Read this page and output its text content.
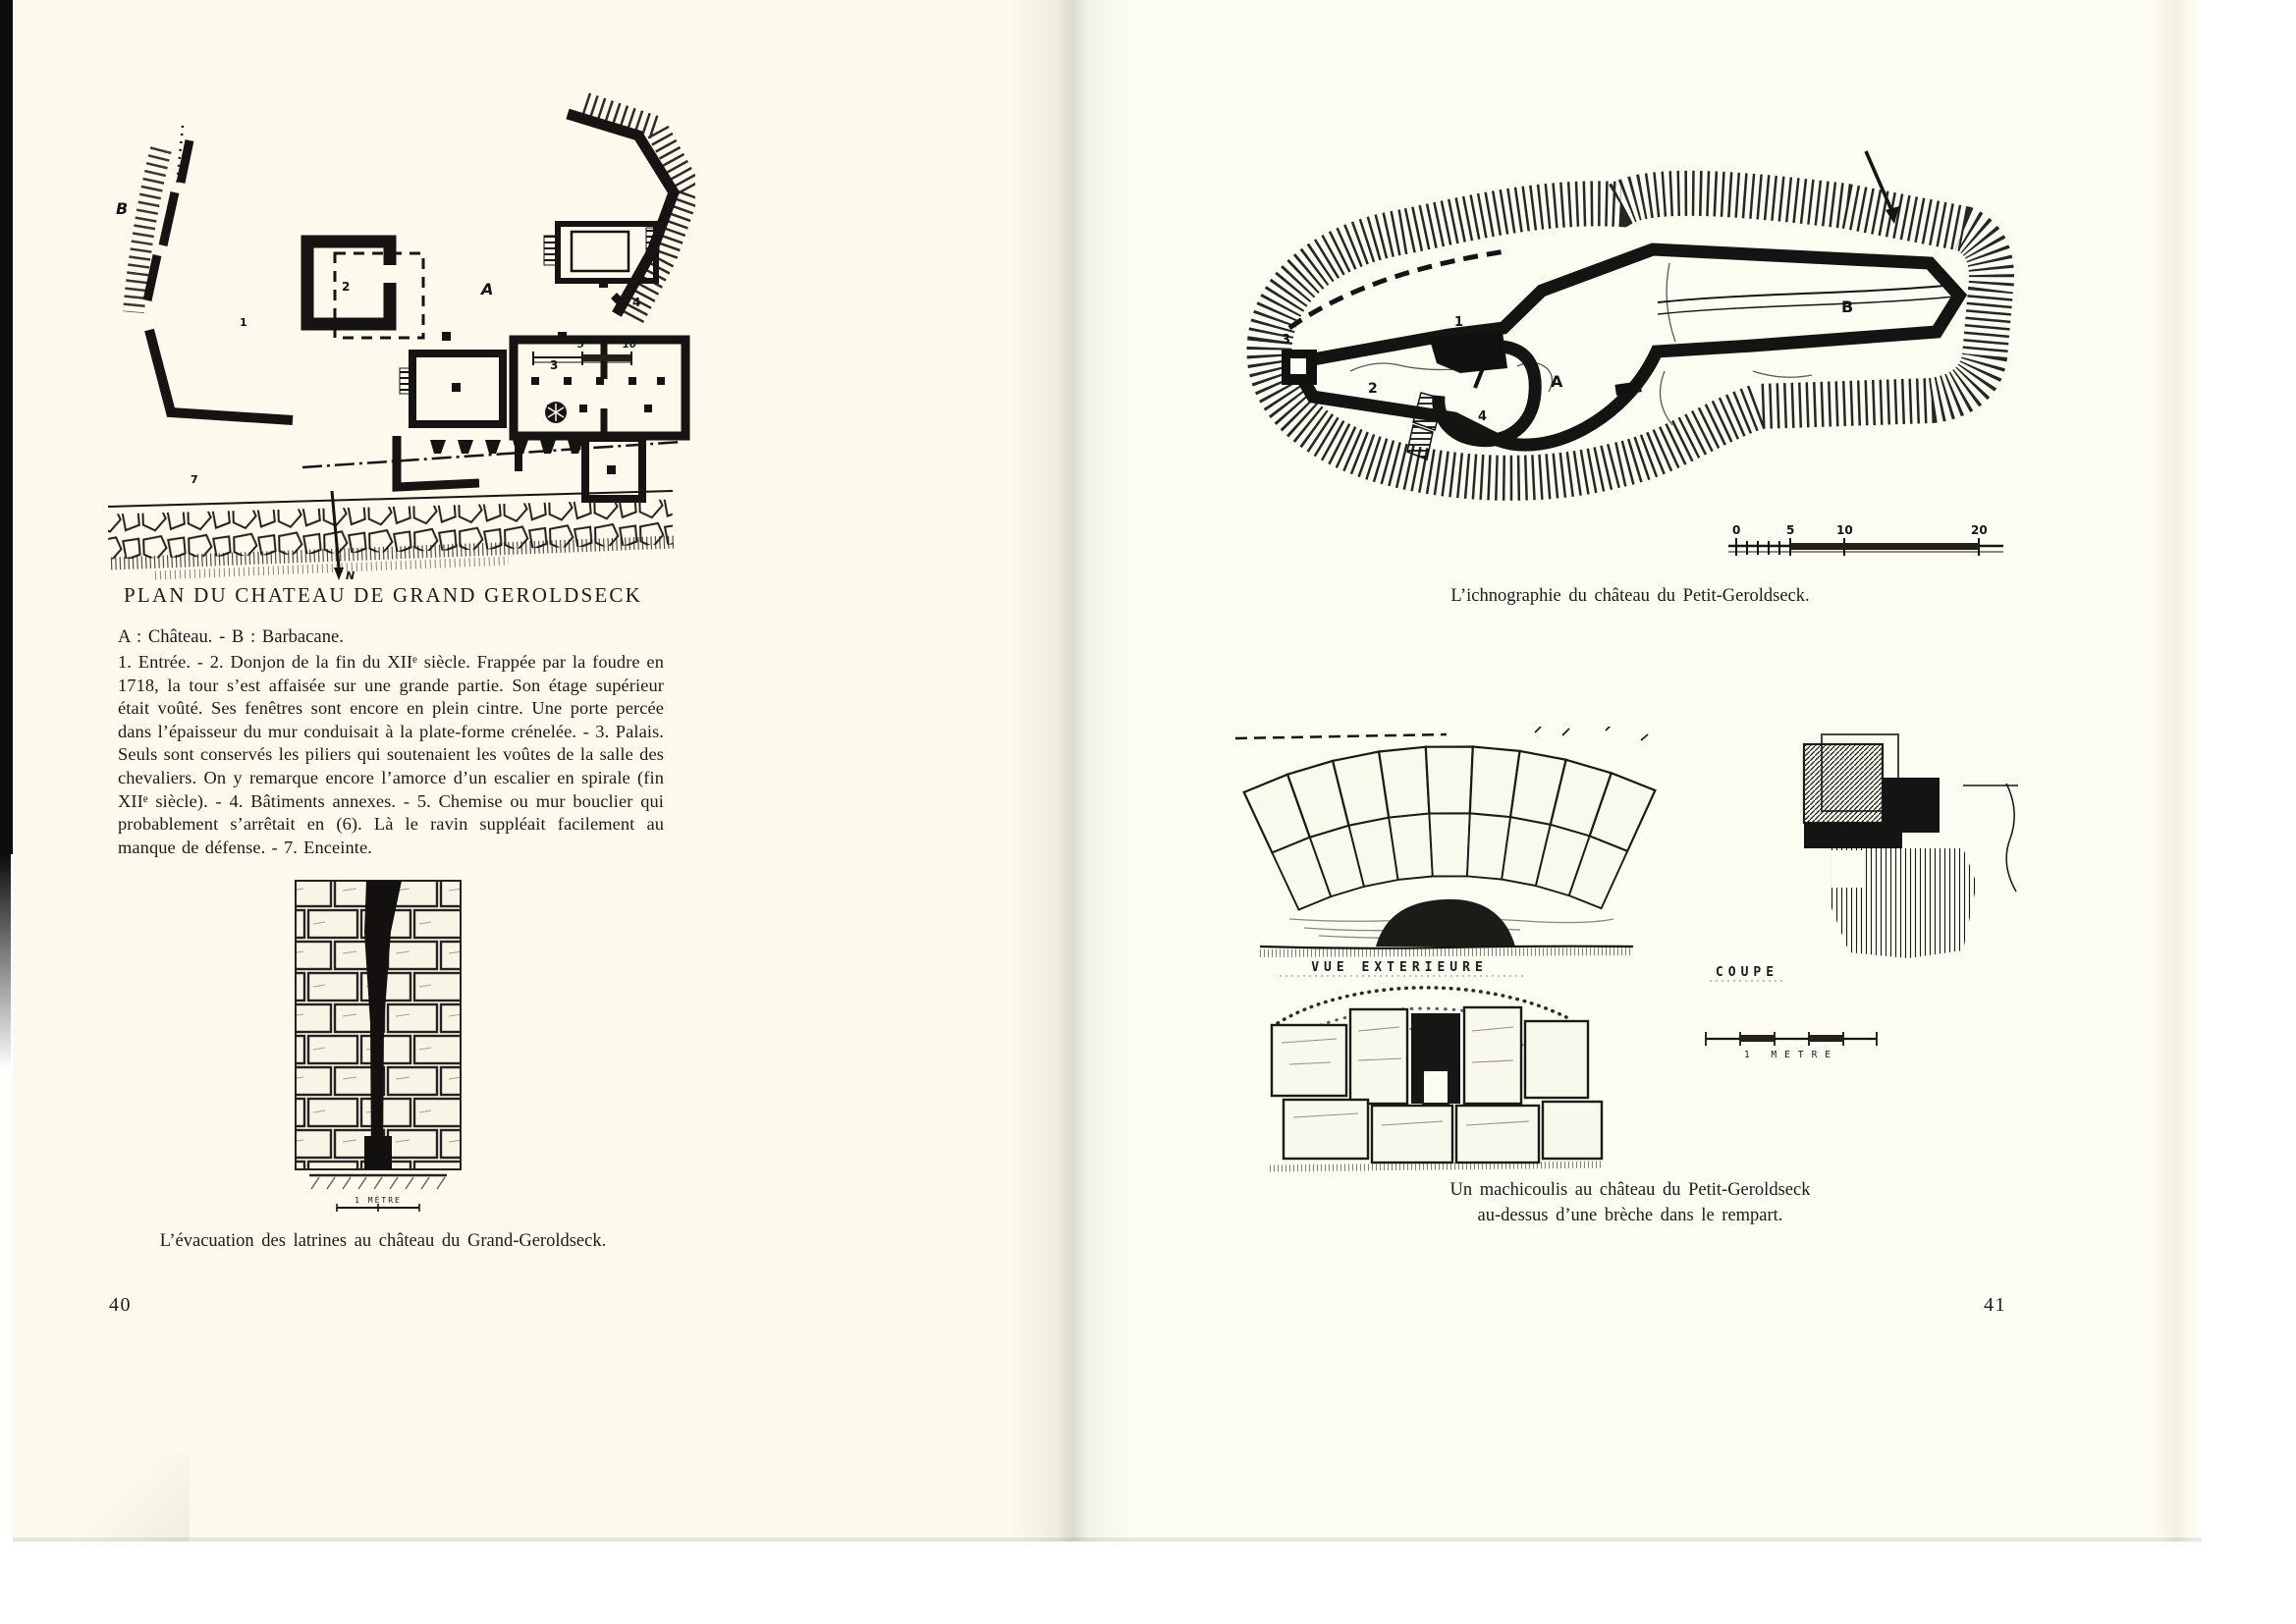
B
1
2	A
3
4
7
N
5	10
PLAN DU CHATEAU DE GRAND GEROLDSECK
A : Château. - B : Barbacane.
1. Entrée. - 2. Donjon de la fin du XIIᵉ siècle. Frappée par la foudre en 1718, la tour s’est affaisée sur une grande partie. Son étage supérieur était voûté. Ses fenêtres sont encore en plein cintre. Une porte percée dans l’épaisseur du mur conduisait à la plate-forme crénelée. - 3. Palais. Seuls sont conservés les piliers qui soutenaient les voûtes de la salle des chevaliers. On y remarque encore l’amorce d’un escalier en spirale (fin XIIᵉ siècle). - 4. Bâtiments annexes. - 5. Chemise ou mur bouclier qui probablement s’arrêtait en (6). Là le ravin suppléait facilement au manque de défense. - 7. Enceinte.
1 MÈTRE
L’évacuation des latrines au château du Grand-Geroldseck.
40
3
2
1
4
A
B
0	5	10	20
L’ichnographie du château du Petit-Geroldseck.
VUE EXTERIEURE	COUPE
1 METRE
Un machicoulis au château du Petit-Geroldseck
au-dessus d’une brèche dans le rempart.
41
